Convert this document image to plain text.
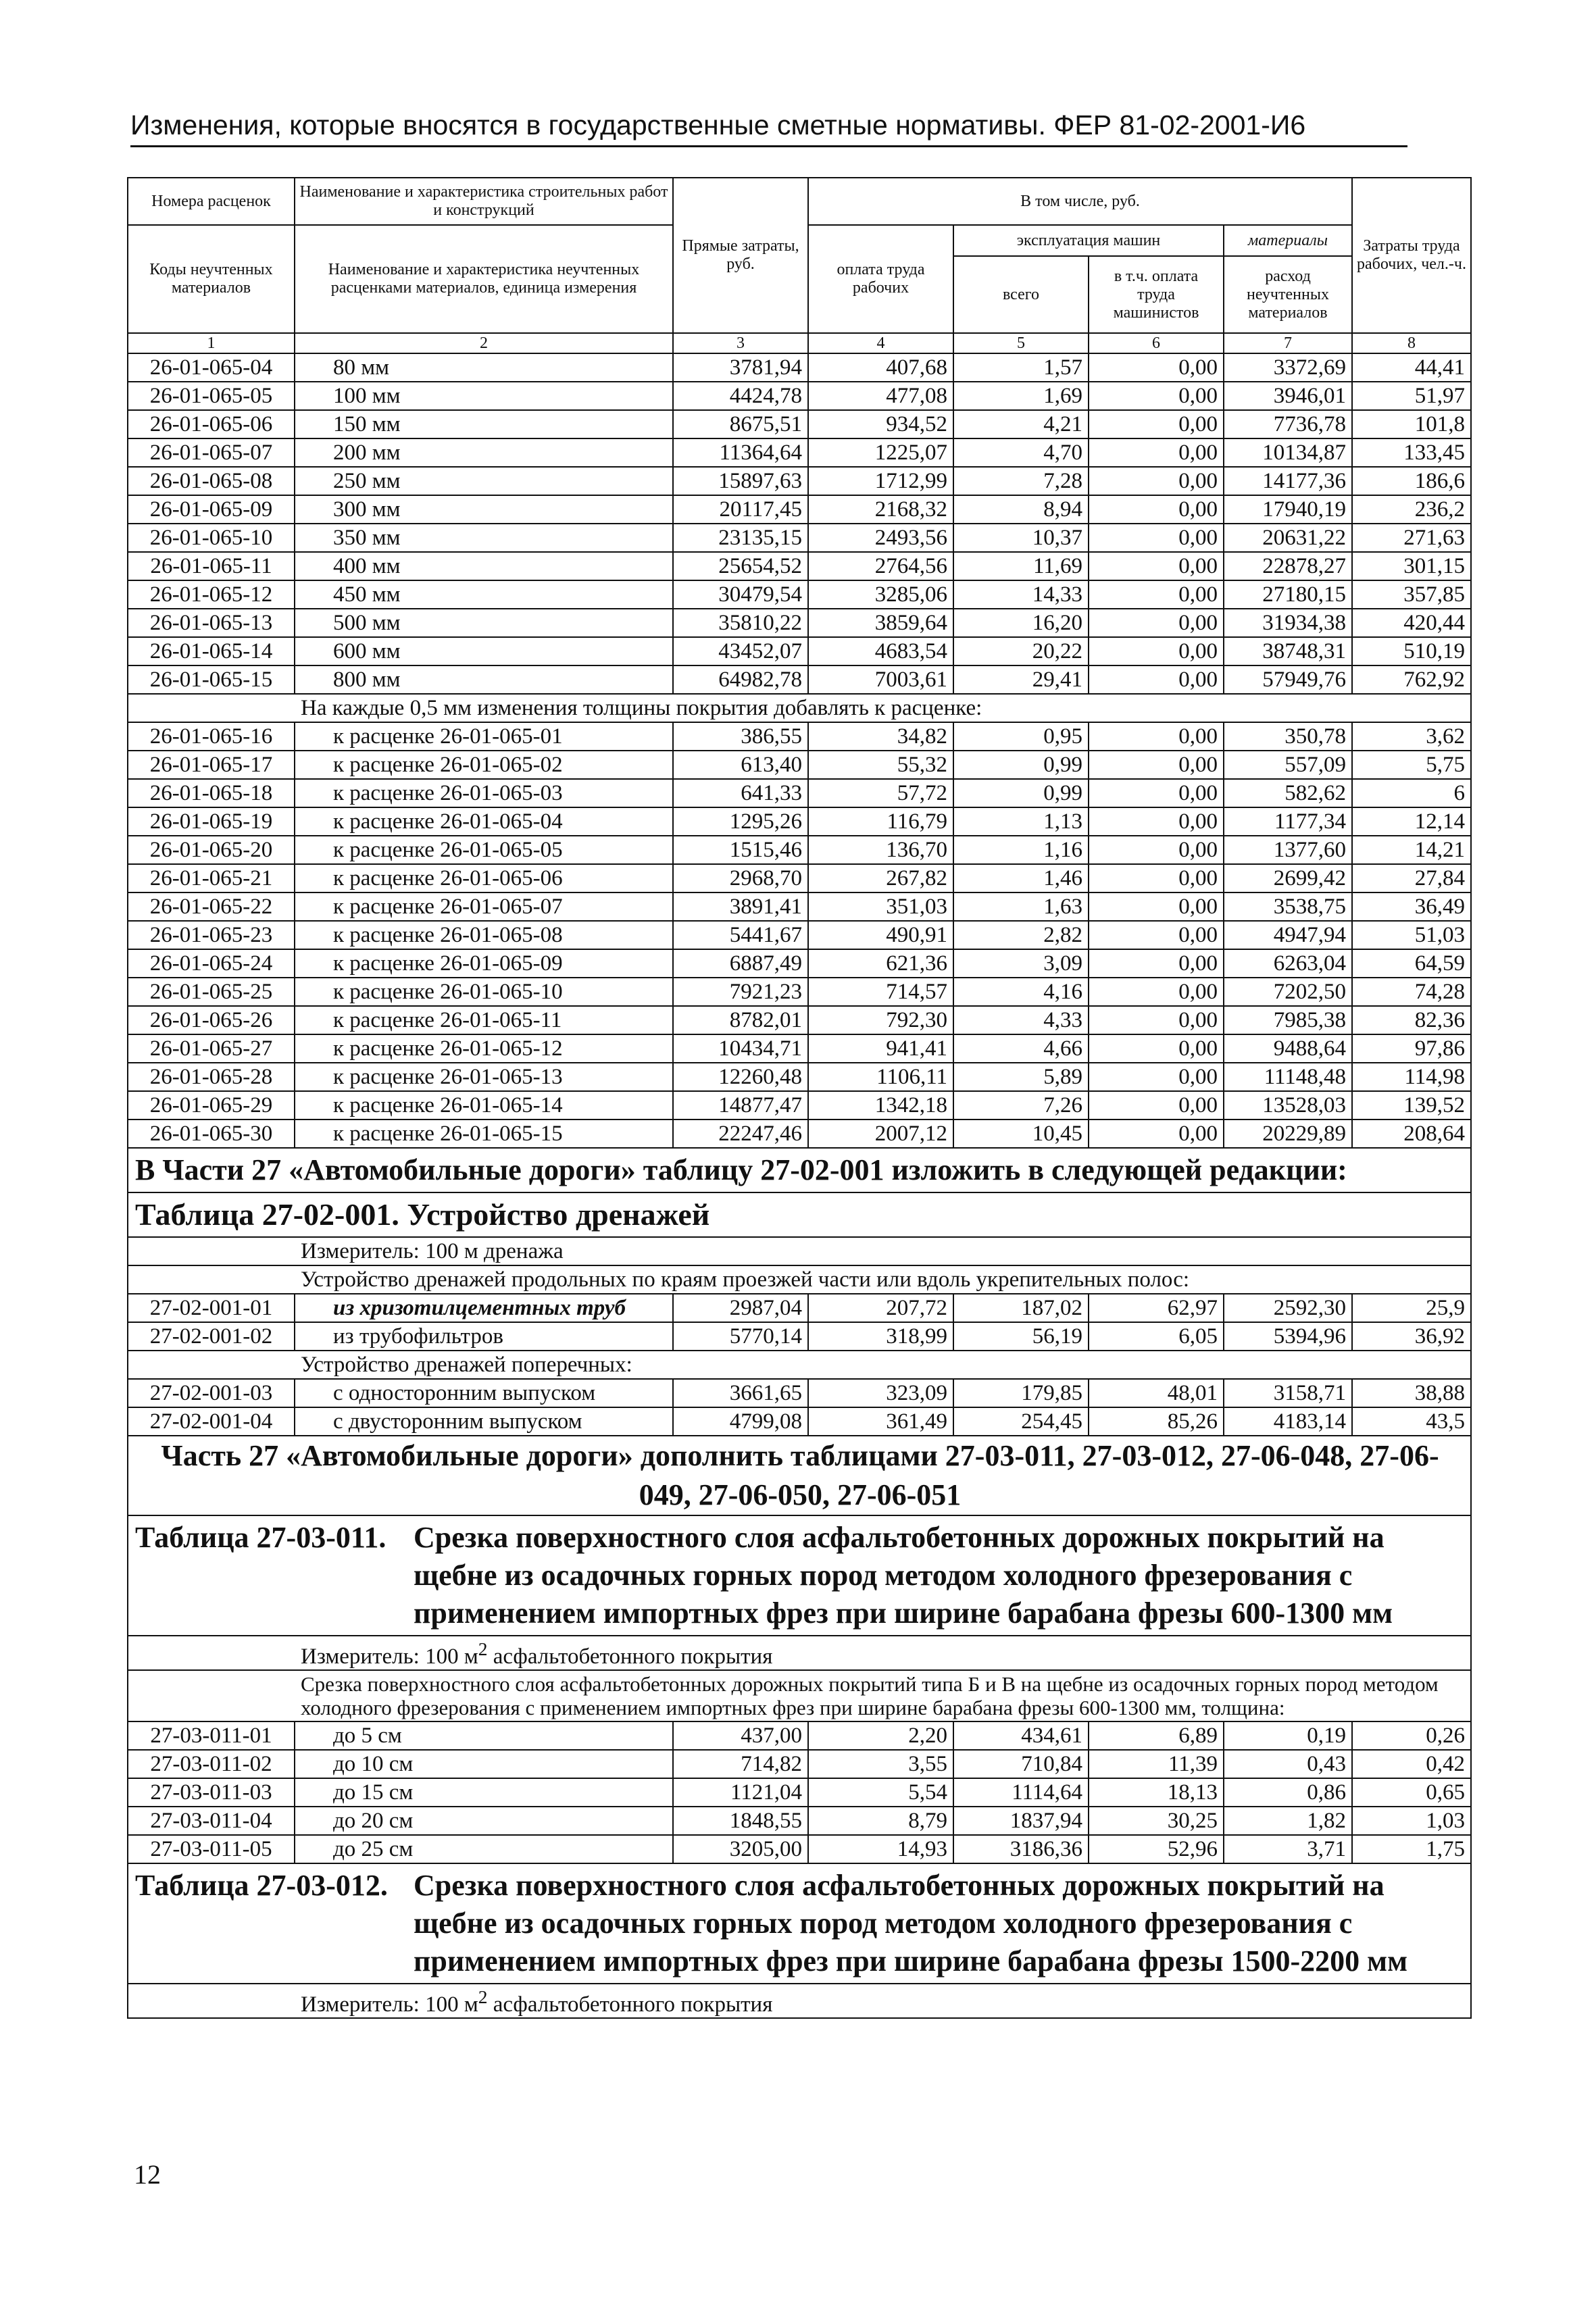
Изменения, которые вносятся в государственные сметные нормативы. ФЕР 81-02-2001-И6
Номера расценок	Наименование и характеристика строительных работ и конструкций	Прямые затраты, руб.	В том числе, руб.				Затраты труда рабочих, чел.-ч.
Коды неучтенных материалов	Наименование и характеристика неучтенных расценками материалов, единица измерения		оплата труда рабочих	эксплуатация машин		материалы	
				всего	в т.ч. оплата труда машинистов	расход неучтенных материалов	
1	2	3	4	5	6	7	8
26-01-065-04	80 мм	3781,94	407,68	1,57	0,00	3372,69	44,41
26-01-065-05	100 мм	4424,78	477,08	1,69	0,00	3946,01	51,97
26-01-065-06	150 мм	8675,51	934,52	4,21	0,00	7736,78	101,8
26-01-065-07	200 мм	11364,64	1225,07	4,70	0,00	10134,87	133,45
26-01-065-08	250 мм	15897,63	1712,99	7,28	0,00	14177,36	186,6
26-01-065-09	300 мм	20117,45	2168,32	8,94	0,00	17940,19	236,2
26-01-065-10	350 мм	23135,15	2493,56	10,37	0,00	20631,22	271,63
26-01-065-11	400 мм	25654,52	2764,56	11,69	0,00	22878,27	301,15
26-01-065-12	450 мм	30479,54	3285,06	14,33	0,00	27180,15	357,85
26-01-065-13	500 мм	35810,22	3859,64	16,20	0,00	31934,38	420,44
26-01-065-14	600 мм	43452,07	4683,54	20,22	0,00	38748,31	510,19
26-01-065-15	800 мм	64982,78	7003,61	29,41	0,00	57949,76	762,92
На каждые 0,5 мм изменения толщины покрытия добавлять к расценке:							
26-01-065-16	к расценке 26-01-065-01	386,55	34,82	0,95	0,00	350,78	3,62
26-01-065-17	к расценке 26-01-065-02	613,40	55,32	0,99	0,00	557,09	5,75
26-01-065-18	к расценке 26-01-065-03	641,33	57,72	0,99	0,00	582,62	6
26-01-065-19	к расценке 26-01-065-04	1295,26	116,79	1,13	0,00	1177,34	12,14
26-01-065-20	к расценке 26-01-065-05	1515,46	136,70	1,16	0,00	1377,60	14,21
26-01-065-21	к расценке 26-01-065-06	2968,70	267,82	1,46	0,00	2699,42	27,84
26-01-065-22	к расценке 26-01-065-07	3891,41	351,03	1,63	0,00	3538,75	36,49
26-01-065-23	к расценке 26-01-065-08	5441,67	490,91	2,82	0,00	4947,94	51,03
26-01-065-24	к расценке 26-01-065-09	6887,49	621,36	3,09	0,00	6263,04	64,59
26-01-065-25	к расценке 26-01-065-10	7921,23	714,57	4,16	0,00	7202,50	74,28
26-01-065-26	к расценке 26-01-065-11	8782,01	792,30	4,33	0,00	7985,38	82,36
26-01-065-27	к расценке 26-01-065-12	10434,71	941,41	4,66	0,00	9488,64	97,86
26-01-065-28	к расценке 26-01-065-13	12260,48	1106,11	5,89	0,00	11148,48	114,98
26-01-065-29	к расценке 26-01-065-14	14877,47	1342,18	7,26	0,00	13528,03	139,52
26-01-065-30	к расценке 26-01-065-15	22247,46	2007,12	10,45	0,00	20229,89	208,64
В Части 27 «Автомобильные дороги» таблицу 27-02-001 изложить в следующей редакции:							
Таблица 27-02-001. Устройство дренажей							
Измеритель: 100 м дренажа							
Устройство дренажей продольных по краям проезжей части или вдоль укрепительных полос:							
27-02-001-01	из хризотилцементных труб	2987,04	207,72	187,02	62,97	2592,30	25,9
27-02-001-02	из трубофильтров	5770,14	318,99	56,19	6,05	5394,96	36,92
Устройство дренажей поперечных:							
27-02-001-03	с односторонним выпуском	3661,65	323,09	179,85	48,01	3158,71	38,88
27-02-001-04	с двусторонним выпуском	4799,08	361,49	254,45	85,26	4183,14	43,5
Часть 27 «Автомобильные дороги» дополнить таблицами 27-03-011, 27-03-012, 27-06-048, 27-06-049, 27-06-050, 27-06-051							

Таблица 27-03-011. Срезка поверхностного слоя асфальтобетонных дорожных покрытий на щебне из осадочных горных пород методом холодного фрезерования с применением импортных фрез при ширине барабана фрезы 600-1300 мм							

Измеритель: 100 $м^2$ асфальтобетонного покрытия							
Срезка поверхностного слоя асфальтобетонных дорожных покрытий типа Б и В на щебне из осадочных горных пород методом холодного фрезерования с применением импортных фрез при ширине барабана фрезы 600-1300 мм, толщина:							
27-03-011-01	до 5 см	437,00	2,20	434,61	6,89	0,19	0,26
27-03-011-02	до 10 см	714,82	3,55	710,84	11,39	0,43	0,42
27-03-011-03	до 15 см	1121,04	5,54	1114,64	18,13	0,86	0,65
27-03-011-04	до 20 см	1848,55	8,79	1837,94	30,25	1,82	1,03
27-03-011-05	до 25 см	3205,00	14,93	3186,36	52,96	3,71	1,75

Таблица 27-03-012. Срезка поверхностного слоя асфальтобетонных дорожных покрытий на щебне из осадочных горных пород методом холодного фрезерования с применением импортных фрез при ширине барабана фрезы 1500-2200 мм							

Измеритель: 100 $м^2$ асфальтобетонного покрытия							
12
